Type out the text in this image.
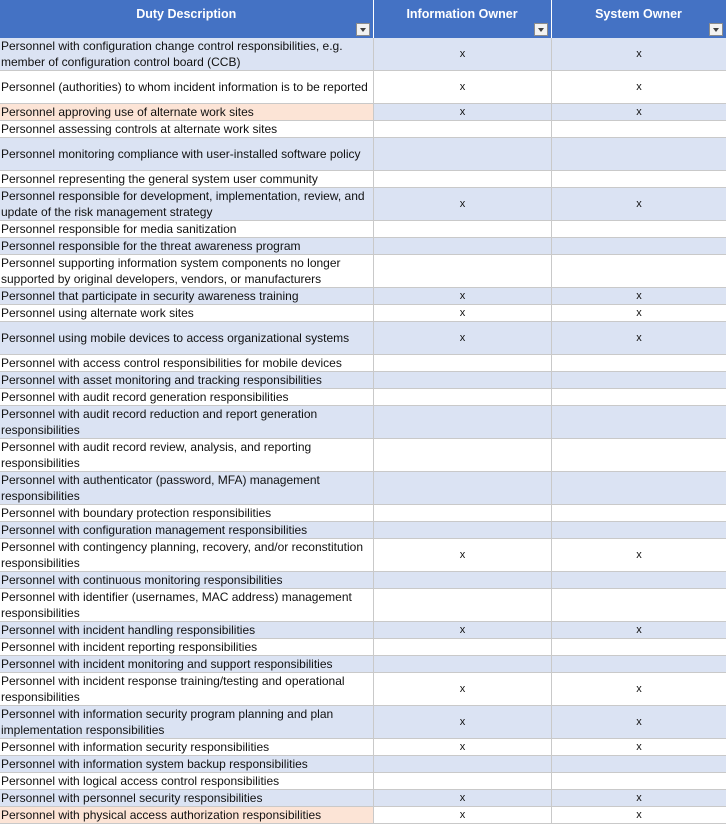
Duty Description	Information Owner	System Owner

Personnel with configuration change control responsibilities, e.g. member of configuration control board (CCB)	x	x
Personnel (authorities) to whom incident information is to be reported	x	x
Personnel approving use of alternate work sites	x	x
Personnel assessing controls at alternate work sites		
Personnel monitoring compliance with user-installed software policy		
Personnel representing the general system user community		
Personnel responsible for development, implementation, review, and update of the risk management strategy	x	x
Personnel responsible for media sanitization		
Personnel responsible for the threat awareness program		
Personnel supporting information system components no longer supported by original developers, vendors, or manufacturers		
Personnel that participate in security awareness training	x	x
Personnel using alternate work sites	x	x
Personnel using mobile devices to access organizational systems	x	x
Personnel with access control responsibilities for mobile devices		
Personnel with asset monitoring and tracking responsibilities		
Personnel with audit record generation responsibilities		
Personnel with audit record reduction and report generation responsibilities		
Personnel with audit record review, analysis, and reporting responsibilities		
Personnel with authenticator (password, MFA) management responsibilities		
Personnel with boundary protection responsibilities		
Personnel with configuration management responsibilities		
Personnel with contingency planning, recovery, and/or reconstitution responsibilities	x	x
Personnel with continuous monitoring responsibilities		
Personnel with identifier (usernames, MAC address) management responsibilities		
Personnel with incident handling responsibilities	x	x
Personnel with incident reporting responsibilities		
Personnel with incident monitoring and support responsibilities		
Personnel with incident response training/testing and operational responsibilities	x	x
Personnel with information security program planning and plan implementation responsibilities	x	x
Personnel with information security responsibilities	x	x
Personnel with information system backup responsibilities		
Personnel with logical access control responsibilities		
Personnel with personnel security responsibilities	x	x
Personnel with physical access authorization responsibilities	x	x
